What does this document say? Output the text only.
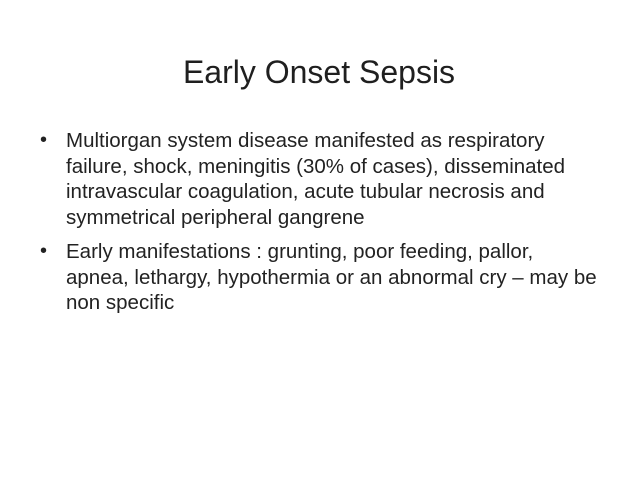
Early Onset Sepsis
• Multiorgan system disease manifested as respiratory failure, shock, meningitis (30% of cases), disseminated intravascular coagulation, acute tubular necrosis and symmetrical peripheral gangrene
• Early manifestations : grunting, poor feeding, pallor, apnea, lethargy, hypothermia or an abnormal cry – may be non specific
